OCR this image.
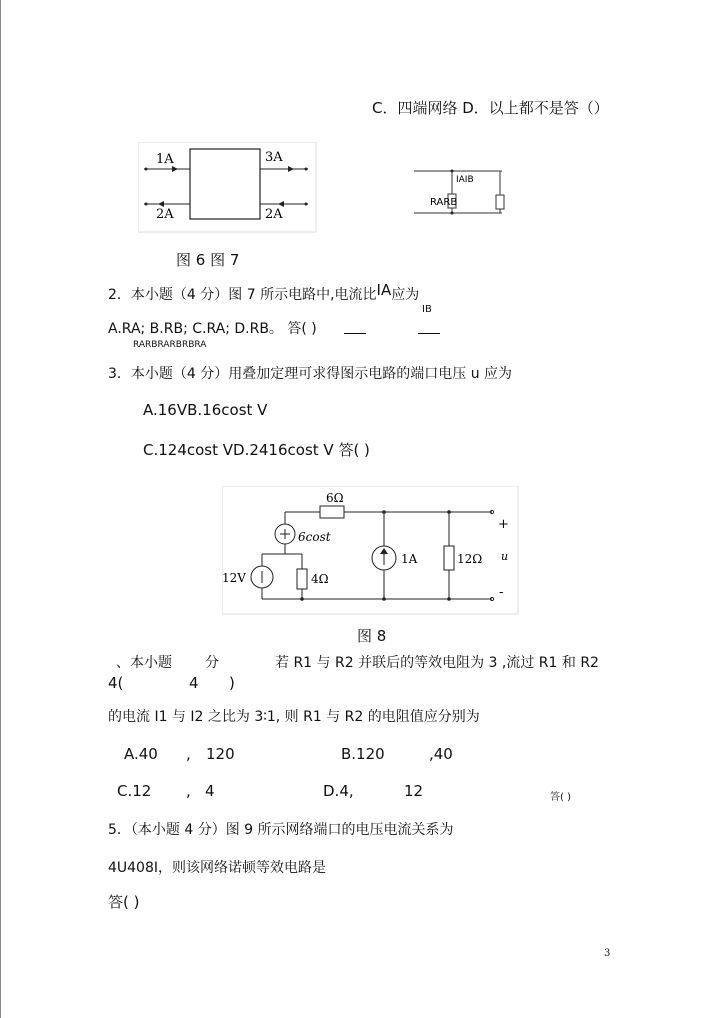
C．四端网络 D．以上都不是答（）
1A	3A
2A	2A
IAIB
RARB
图 6 图 7
2．本小题（4 分）图 7 所示电路中,电流比IA应为
IB
A.RA; B.RB; C.RA; D.RB。 答( )
RARBRARBRBRA
3．本小题（4 分）用叠加定理可求得图示电路的端口电压 u 应为
A.16VB.16cost V
C.124cost VD.2416cost V 答( )
6Ω
6cost
12V	4Ω
1A	12Ω
+
u
-
图 8
、本小题 分	若 R1 与 R2 并联后的等效电阻为 3 ,流过 R1 和 R2
4(	4 )
的电流 I1 与 I2 之比为 3∶1, 则 R1 与 R2 的电阻值应分别为
A.40 , 120	B.120	,40
C.12 , 4	D.4,	12	答( )
5．（本小题 4 分）图 9 所示网络端口的电压电流关系为
4U408I，则该网络诺顿等效电路是
答( )
3
